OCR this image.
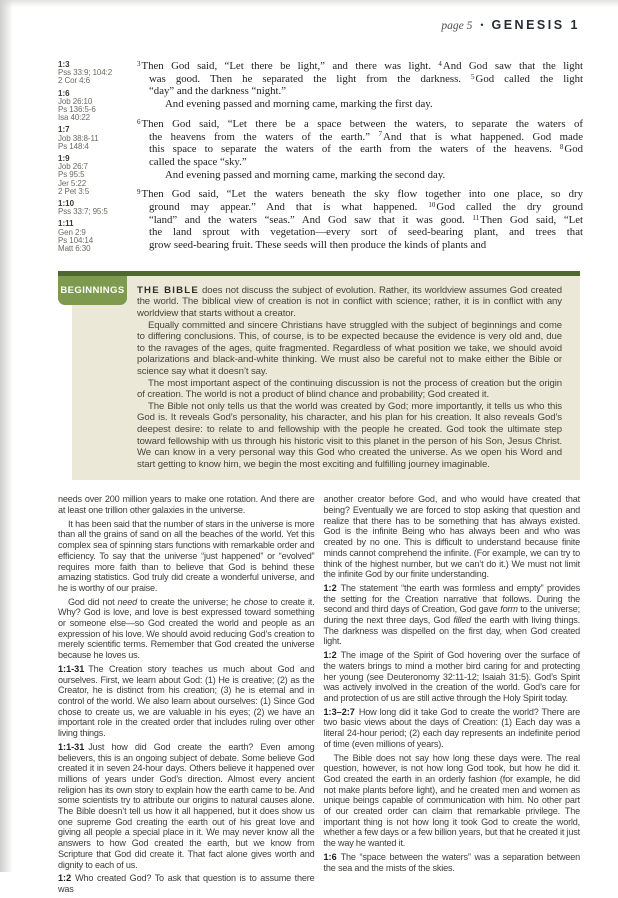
page 5 • GENESIS 1
1:3
Pss 33:9; 104:2
2 Cor 4:6
1:6
Job 26:10
Ps 136:5-6
Isa 40:22
1:7
Job 38:8-11
Ps 148:4
1:9
Job 26:7
Ps 95:5
Jer 5:22
2 Pet 3:5
1:10
Pss 33:7; 95:5
1:11
Gen 2:9
Ps 104:14
Matt 6:30
$^3$Then God said, “Let there be light,” and there was light. $^4$And God saw that the light
was good. Then he separated the light from the darkness. $^5$God called the light
“day” and the darkness “night.”
And evening passed and morning came, marking the first day.
$^6$Then God said, “Let there be a space between the waters, to separate the waters of
the heavens from the waters of the earth.” $^7$And that is what happened. God made
this space to separate the waters of the earth from the waters of the heavens. $^8$God
called the space “sky.”
And evening passed and morning came, marking the second day.
$^9$Then God said, “Let the waters beneath the sky flow together into one place, so dry
ground may appear.” And that is what happened. $^{10}$God called the dry ground
“land” and the waters “seas.” And God saw that it was good. $^{11}$Then God said, “Let
the land sprout with vegetation—every sort of seed-bearing plant, and trees that
grow seed-bearing fruit. These seeds will then produce the kinds of plants and

THE BIBLE does not discuss the subject of evolution. Rather, its worldview assumes God created the world. The biblical view of creation is not in conflict with science; rather, it is in conflict with any worldview that starts without a creator.

Equally committed and sincere Christians have struggled with the subject of beginnings and come to differing conclusions. This, of course, is to be expected because the evidence is very old and, due to the ravages of the ages, quite fragmented. Regardless of what position we take, we should avoid polarizations and black-and-white thinking. We must also be careful not to make either the Bible or science say what it doesn’t say.

The most important aspect of the continuing discussion is not the process of creation but the origin of creation. The world is not a product of blind chance and probability; God created it.

The Bible not only tells us that the world was created by God; more importantly, it tells us who this God is. It reveals God’s personality, his character, and his plan for his creation. It also reveals God’s deepest desire: to relate to and fellowship with the people he created. God took the ultimate step toward fellowship with us through his historic visit to this planet in the person of his Son, Jesus Christ. We can know in a very personal way this God who created the universe. As we open his Word and start getting to know him, we begin the most exciting and fulfilling journey imaginable.

BEGINNINGS
needs over 200 million years to make one rotation. And there are at least one trillion other galaxies in the universe.
It has been said that the number of stars in the universe is more than all the grains of sand on all the beaches of the world. Yet this complex sea of spinning stars functions with remarkable order and efficiency. To say that the universe “just happened” or “evolved” requires more faith than to believe that God is behind these amazing statistics. God truly did create a wonderful universe, and he is worthy of our praise.
God did not need to create the universe; he chose to create it. Why? God is love, and love is best expressed toward something or someone else—so God created the world and people as an expression of his love. We should avoid reducing God’s creation to merely scientific terms. Remember that God created the universe because he loves us.
1:1-31 The Creation story teaches us much about God and ourselves. First, we learn about God: (1) He is creative; (2) as the Creator, he is distinct from his creation; (3) he is eternal and in control of the world. We also learn about ourselves: (1) Since God chose to create us, we are valuable in his eyes; (2) we have an important role in the created order that includes ruling over other living things.
1:1-31 Just how did God create the earth? Even among believers, this is an ongoing subject of debate. Some believe God created it in seven 24-hour days. Others believe it happened over millions of years under God’s direction. Almost every ancient religion has its own story to explain how the earth came to be. And some scientists try to attribute our origins to natural causes alone. The Bible doesn’t tell us how it all happened, but it does show us one supreme God creating the earth out of his great love and giving all people a special place in it. We may never know all the answers to how God created the earth, but we know from Scripture that God did create it. That fact alone gives worth and dignity to each of us.
1:2 Who created God? To ask that question is to assume there was
another creator before God, and who would have created that being? Eventually we are forced to stop asking that question and realize that there has to be something that has always existed. God is the infinite Being who has always been and who was created by no one. This is difficult to understand because finite minds cannot comprehend the infinite. (For example, we can try to think of the highest number, but we can’t do it.) We must not limit the infinite God by our finite understanding.
1:2 The statement “the earth was formless and empty” provides the setting for the Creation narrative that follows. During the second and third days of Creation, God gave form to the universe; during the next three days, God filled the earth with living things. The darkness was dispelled on the first day, when God created light.
1:2 The image of the Spirit of God hovering over the surface of the waters brings to mind a mother bird caring for and protecting her young (see Deuteronomy 32:11-12; Isaiah 31:5). God’s Spirit was actively involved in the creation of the world. God’s care for and protection of us are still active through the Holy Spirit today.
1:3–2:7 How long did it take God to create the world? There are two basic views about the days of Creation: (1) Each day was a literal 24-hour period; (2) each day represents an indefinite period of time (even millions of years).
The Bible does not say how long these days were. The real question, however, is not how long God took, but how he did it. God created the earth in an orderly fashion (for example, he did not make plants before light), and he created men and women as unique beings capable of communication with him. No other part of our created order can claim that remarkable privilege. The important thing is not how long it took God to create the world, whether a few days or a few billion years, but that he created it just the way he wanted it.
1:6 The “space between the waters” was a separation between the sea and the mists of the skies.
